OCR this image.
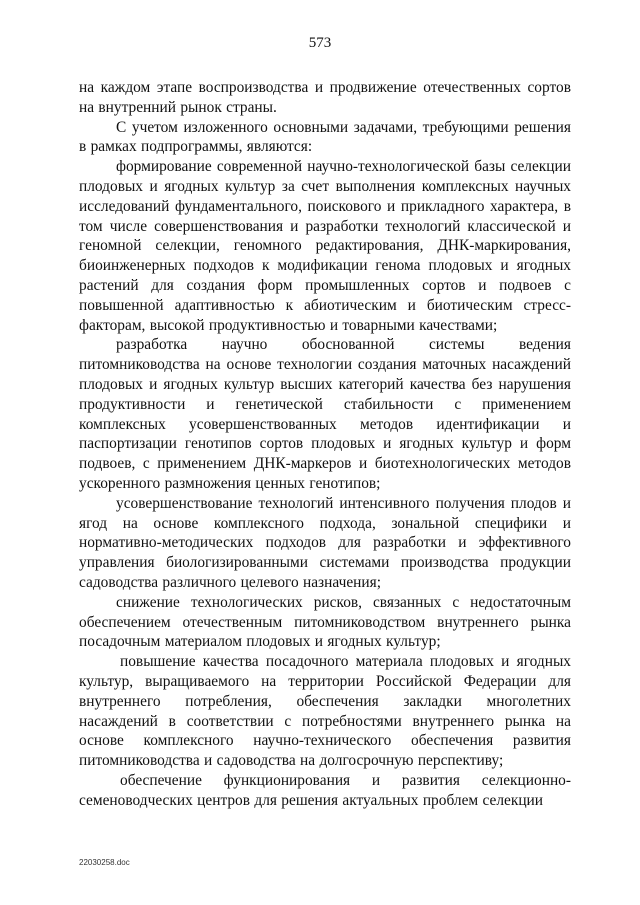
573

на каждом этапе воспроизводства и продвижение отечественных сортов на внутренний рынок страны.

С учетом изложенного основными задачами, требующими решения в рамках подпрограммы, являются:

формирование современной научно-технологической базы селекции плодовых и ягодных культур за счет выполнения комплексных научных исследований фундаментального, поискового и прикладного характера, в том числе совершенствования и разработки технологий классической и геномной селекции, геномного редактирования, ДНК-маркирования, биоинженерных подходов к модификации генома плодовых и ягодных растений для создания форм промышленных сортов и подвоев с повышенной адаптивностью к абиотическим и биотическим стресс-факторам, высокой продуктивностью и товарными качествами;

разработка научно обоснованной системы ведения питомниководства на основе технологии создания маточных насаждений плодовых и ягодных культур высших категорий качества без нарушения продуктивности и генетической стабильности с применением комплексных усовершенствованных методов идентификации и паспортизации генотипов сортов плодовых и ягодных культур и форм подвоев, с применением ДНК-маркеров и биотехнологических методов ускоренного размножения ценных генотипов;

усовершенствование технологий интенсивного получения плодов и ягод на основе комплексного подхода, зональной специфики и нормативно-методических подходов для разработки и эффективного управления биологизированными системами производства продукции садоводства различного целевого назначения;

снижение технологических рисков, связанных с недостаточным обеспечением отечественным питомниководством внутреннего рынка посадочным материалом плодовых и ягодных культур;

повышение качества посадочного материала плодовых и ягодных культур, выращиваемого на территории Российской Федерации для внутреннего потребления, обеспечения закладки многолетних насаждений в соответствии с потребностями внутреннего рынка на основе комплексного научно-технического обеспечения развития питомниководства и садоводства на долгосрочную перспективу;

обеспечение функционирования и развития селекционно-семеноводческих центров для решения актуальных проблем селекции

22030258.doc
